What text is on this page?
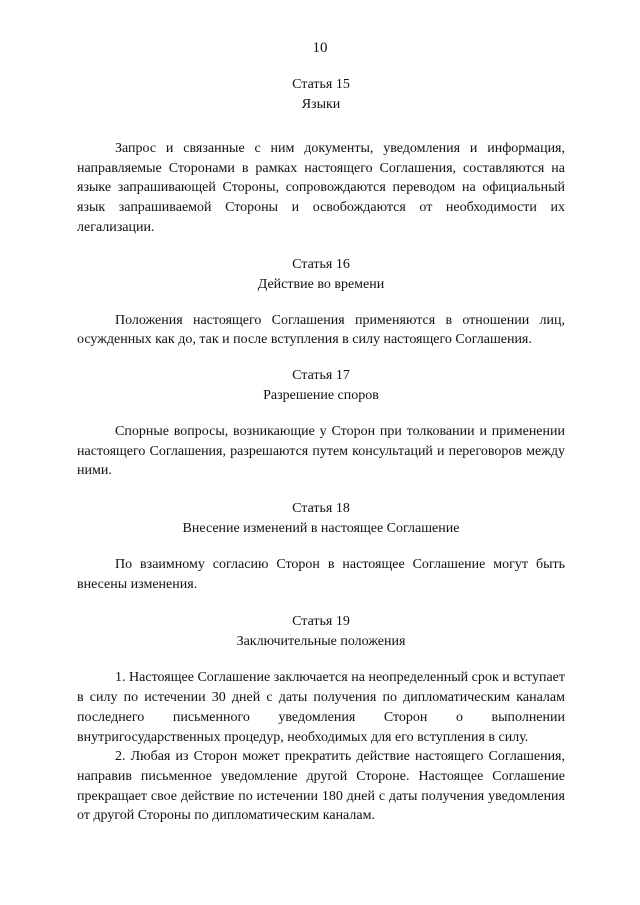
10

Статья 15

Языки

Запрос и связанные с ним документы, уведомления и информация, направляемые Сторонами в рамках настоящего Соглашения, составляются на языке запрашивающей Стороны, сопровождаются переводом на официальный язык запрашиваемой Стороны и освобождаются от необходимости их легализации.

Статья 16

Действие во времени

Положения настоящего Соглашения применяются в отношении лиц, осужденных как до, так и после вступления в силу настоящего Соглашения.

Статья 17

Разрешение споров

Спорные вопросы, возникающие у Сторон при толковании и применении настоящего Соглашения, разрешаются путем консультаций и переговоров между ними.

Статья 18

Внесение изменений в настоящее Соглашение

По взаимному согласию Сторон в настоящее Соглашение могут быть внесены изменения.

Статья 19

Заключительные положения

1. Настоящее Соглашение заключается на неопределенный срок и вступает в силу по истечении 30 дней с даты получения по дипломатическим каналам последнего письменного уведомления Сторон о выполнении внутригосударственных процедур, необходимых для его вступления в силу.

2. Любая из Сторон может прекратить действие настоящего Соглашения, направив письменное уведомление другой Стороне. Настоящее Соглашение прекращает свое действие по истечении 180 дней с даты получения уведомления от другой Стороны по дипломатическим каналам.
